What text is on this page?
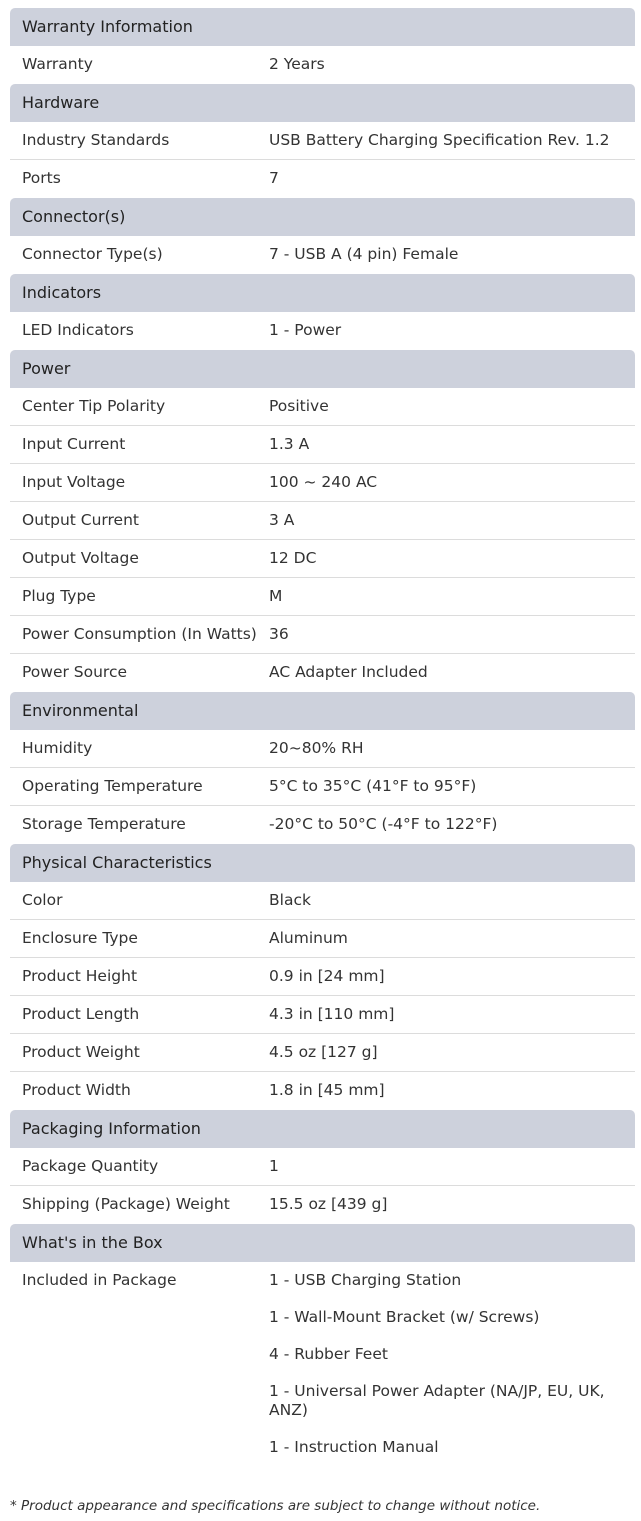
Warranty Information
Warranty	2 Years
Hardware
Industry Standards	USB Battery Charging Specification Rev. 1.2
Ports	7
Connector(s)
Connector Type(s)	7 - USB A (4 pin) Female
Indicators
LED Indicators	1 - Power
Power
Center Tip Polarity	Positive
Input Current	1.3 A
Input Voltage	100 ~ 240 AC
Output Current	3 A
Output Voltage	12 DC
Plug Type	M
Power Consumption (In Watts) 36
Power Source	AC Adapter Included
Environmental
Humidity	20~80% RH
Operating Temperature	5°C to 35°C (41°F to 95°F)
Storage Temperature	-20°C to 50°C (-4°F to 122°F)
Physical Characteristics
Color	Black
Enclosure Type	Aluminum
Product Height	0.9 in [24 mm]
Product Length	4.3 in [110 mm]
Product Weight	4.5 oz [127 g]
Product Width	1.8 in [45 mm]
Packaging Information
Package Quantity	1
Shipping (Package) Weight	15.5 oz [439 g]
What's in the Box
Included in Package	1 - USB Charging Station
1 - Wall-Mount Bracket (w/ Screws)
4 - Rubber Feet
1 - Universal Power Adapter (NA/JP, EU, UK, ANZ)
1 - Instruction Manual
* Product appearance and specifications are subject to change without notice.
